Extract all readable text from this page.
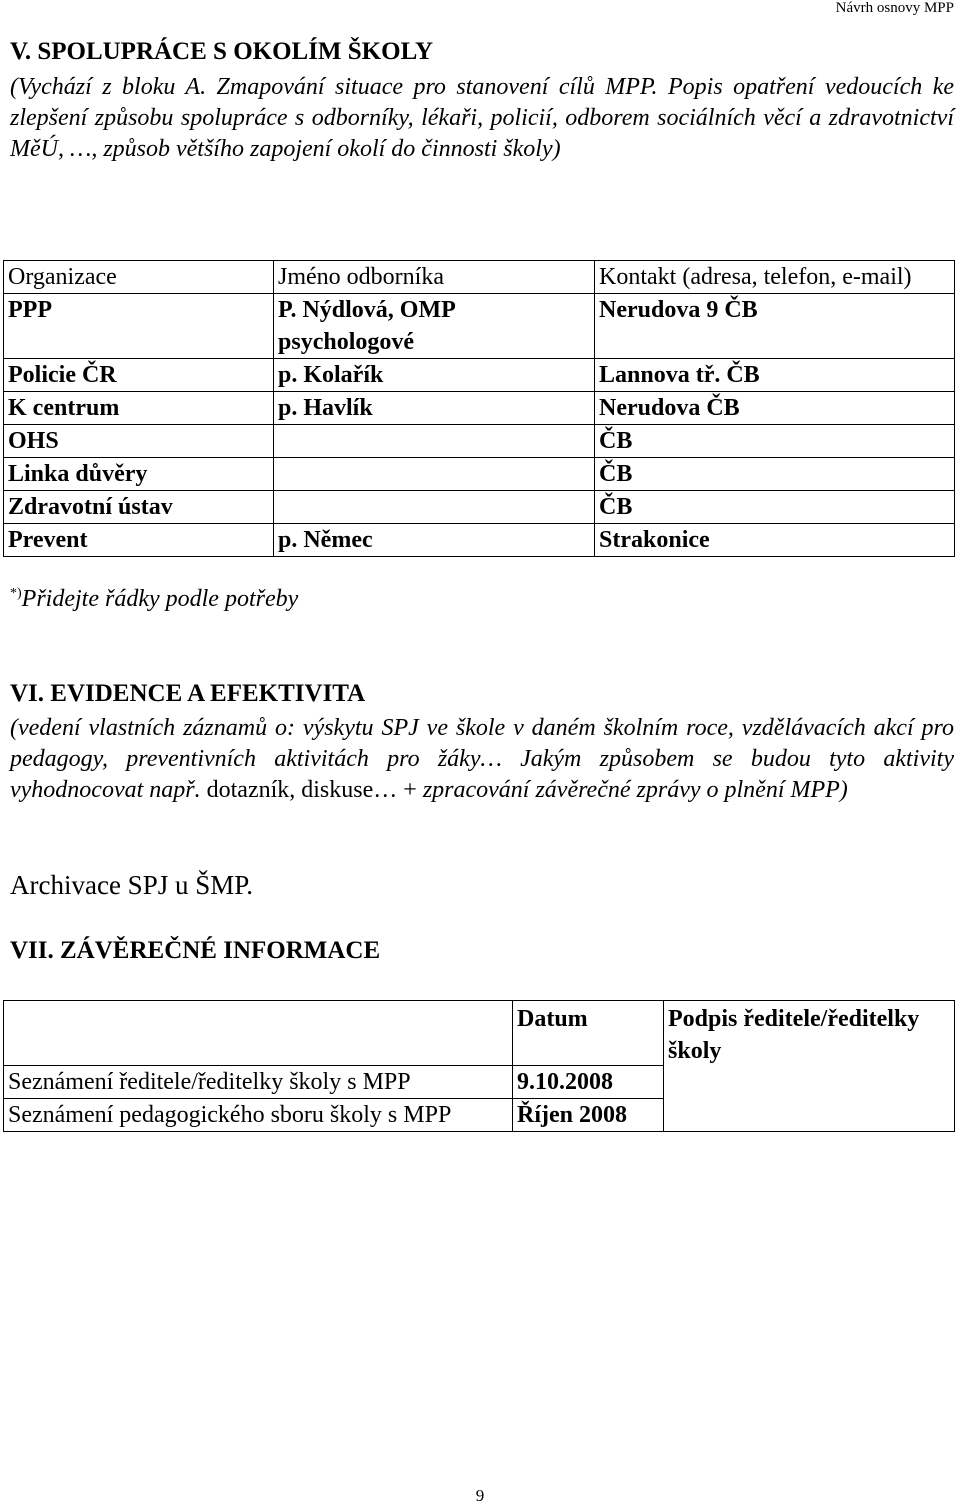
Návrh osnovy MPP
V. SPOLUPRÁCE S OKOLÍM ŠKOLY
(Vychází z bloku A. Zmapování situace pro stanovení cílů MPP. Popis opatření vedoucích ke zlepšení způsobu spolupráce s odborníky, lékaři, policií, odborem sociálních věcí a zdravotnictví MěÚ, …, způsob většího zapojení okolí do činnosti školy)
Organizace	Jméno odborníka	Kontakt (adresa, telefon, e-mail)
PPP	P. Nýdlová, OMP psychologové	Nerudova 9 ČB
Policie ČR	p. Kolařík	Lannova tř. ČB
K centrum	p. Havlík	Nerudova ČB
OHS		ČB
Linka důvěry		ČB
Zdravotní ústav		ČB
Prevent	p. Němec	Strakonice
*)Přidejte řádky podle potřeby
VI. EVIDENCE A EFEKTIVITA
(vedení vlastních záznamů o: výskytu SPJ ve škole v daném školním roce, vzdělávacích akcí pro pedagogy, preventivních aktivitách pro žáky… Jakým způsobem se budou tyto aktivity vyhodnocovat např. dotazník, diskuse… + zpracování závěrečné zprávy o plnění MPP)
Archivace SPJ u ŠMP.
VII. ZÁVĚREČNÉ INFORMACE
	Datum	Podpis ředitele/ředitelky školy
Seznámení ředitele/ředitelky školy s MPP	9.10.2008	
Seznámení pedagogického sboru školy s MPP	Říjen 2008	
9
